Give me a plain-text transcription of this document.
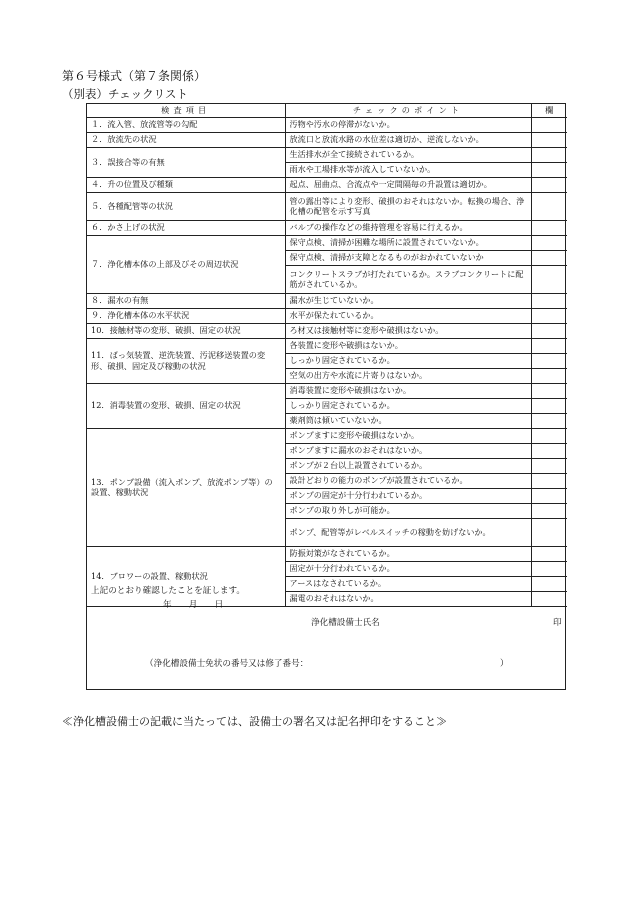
第６号様式（第７条関係）
（別表）チェックリスト
検査項目	チェックのポイント	欄
１．流入管、放流管等の勾配	汚物や汚水の停滞がないか。	
２．放流先の状況	放流口と放流水路の水位差は適切か、逆流しないか。	
３．誤接合等の有無	生活排水が全て接続されているか。	
	雨水や工場排水等が流入していないか。	
４．升の位置及び種類	起点、屈曲点、合流点や一定間隔毎の升設置は適切か。	
５．各種配管等の状況	管の露出等により変形、破損のおそれはないか。転換の場合、浄化槽の配管を示す写真	
６．かさ上げの状況	バルブの操作などの維持管理を容易に行えるか。	
７．浄化槽本体の上部及びその周辺状況	保守点検、清掃が困難な場所に設置されていないか。	
	保守点検、清掃が支障となるものがおかれていないか	
	コンクリートスラブが打たれているか。スラブコンクリートに配筋がされているか。	
８．漏水の有無	漏水が生じていないか。	
９．浄化槽本体の水平状況	水平が保たれているか。	
10．接触材等の変形、破損、固定の状況	ろ材又は接触材等に変形や破損はないか。	
11．ばっ気装置、逆洗装置、汚泥移送装置の変形、破損、固定及び稼動の状況	各装置に変形や破損はないか。	
	しっかり固定されているか。	
	空気の出方や水流に片寄りはないか。	
12．消毒装置の変形、破損、固定の状況	消毒装置に変形や破損はないか。	
	しっかり固定されているか。	
	薬剤筒は傾いていないか。	
13．ポンプ設備（流入ポンプ、放流ポンプ等）の設置、稼動状況	ポンプますに変形や破損はないか。	
	ポンプますに漏水のおそれはないか。	
	ポンプが２台以上設置されているか。	
	設計どおりの能力のポンプが設置されているか。	
	ポンプの固定が十分行われているか。	
	ポンプの取り外しが可能か。	
	ポンプ、配管等がレベルスイッチの稼動を妨げないか。	
14．ブロワーの設置、稼動状況	防振対策がなされているか。	
	固定が十分行われているか。	
	アースはなされているか。	
	漏電のおそれはないか。	
上記のとおり確認したことを証します。
年　　月　　日
浄化槽設備士氏名	印
（浄化槽設備士免状の番号又は修了番号：	）
≪浄化槽設備士の記載に当たっては、設備士の署名又は記名押印をすること≫
